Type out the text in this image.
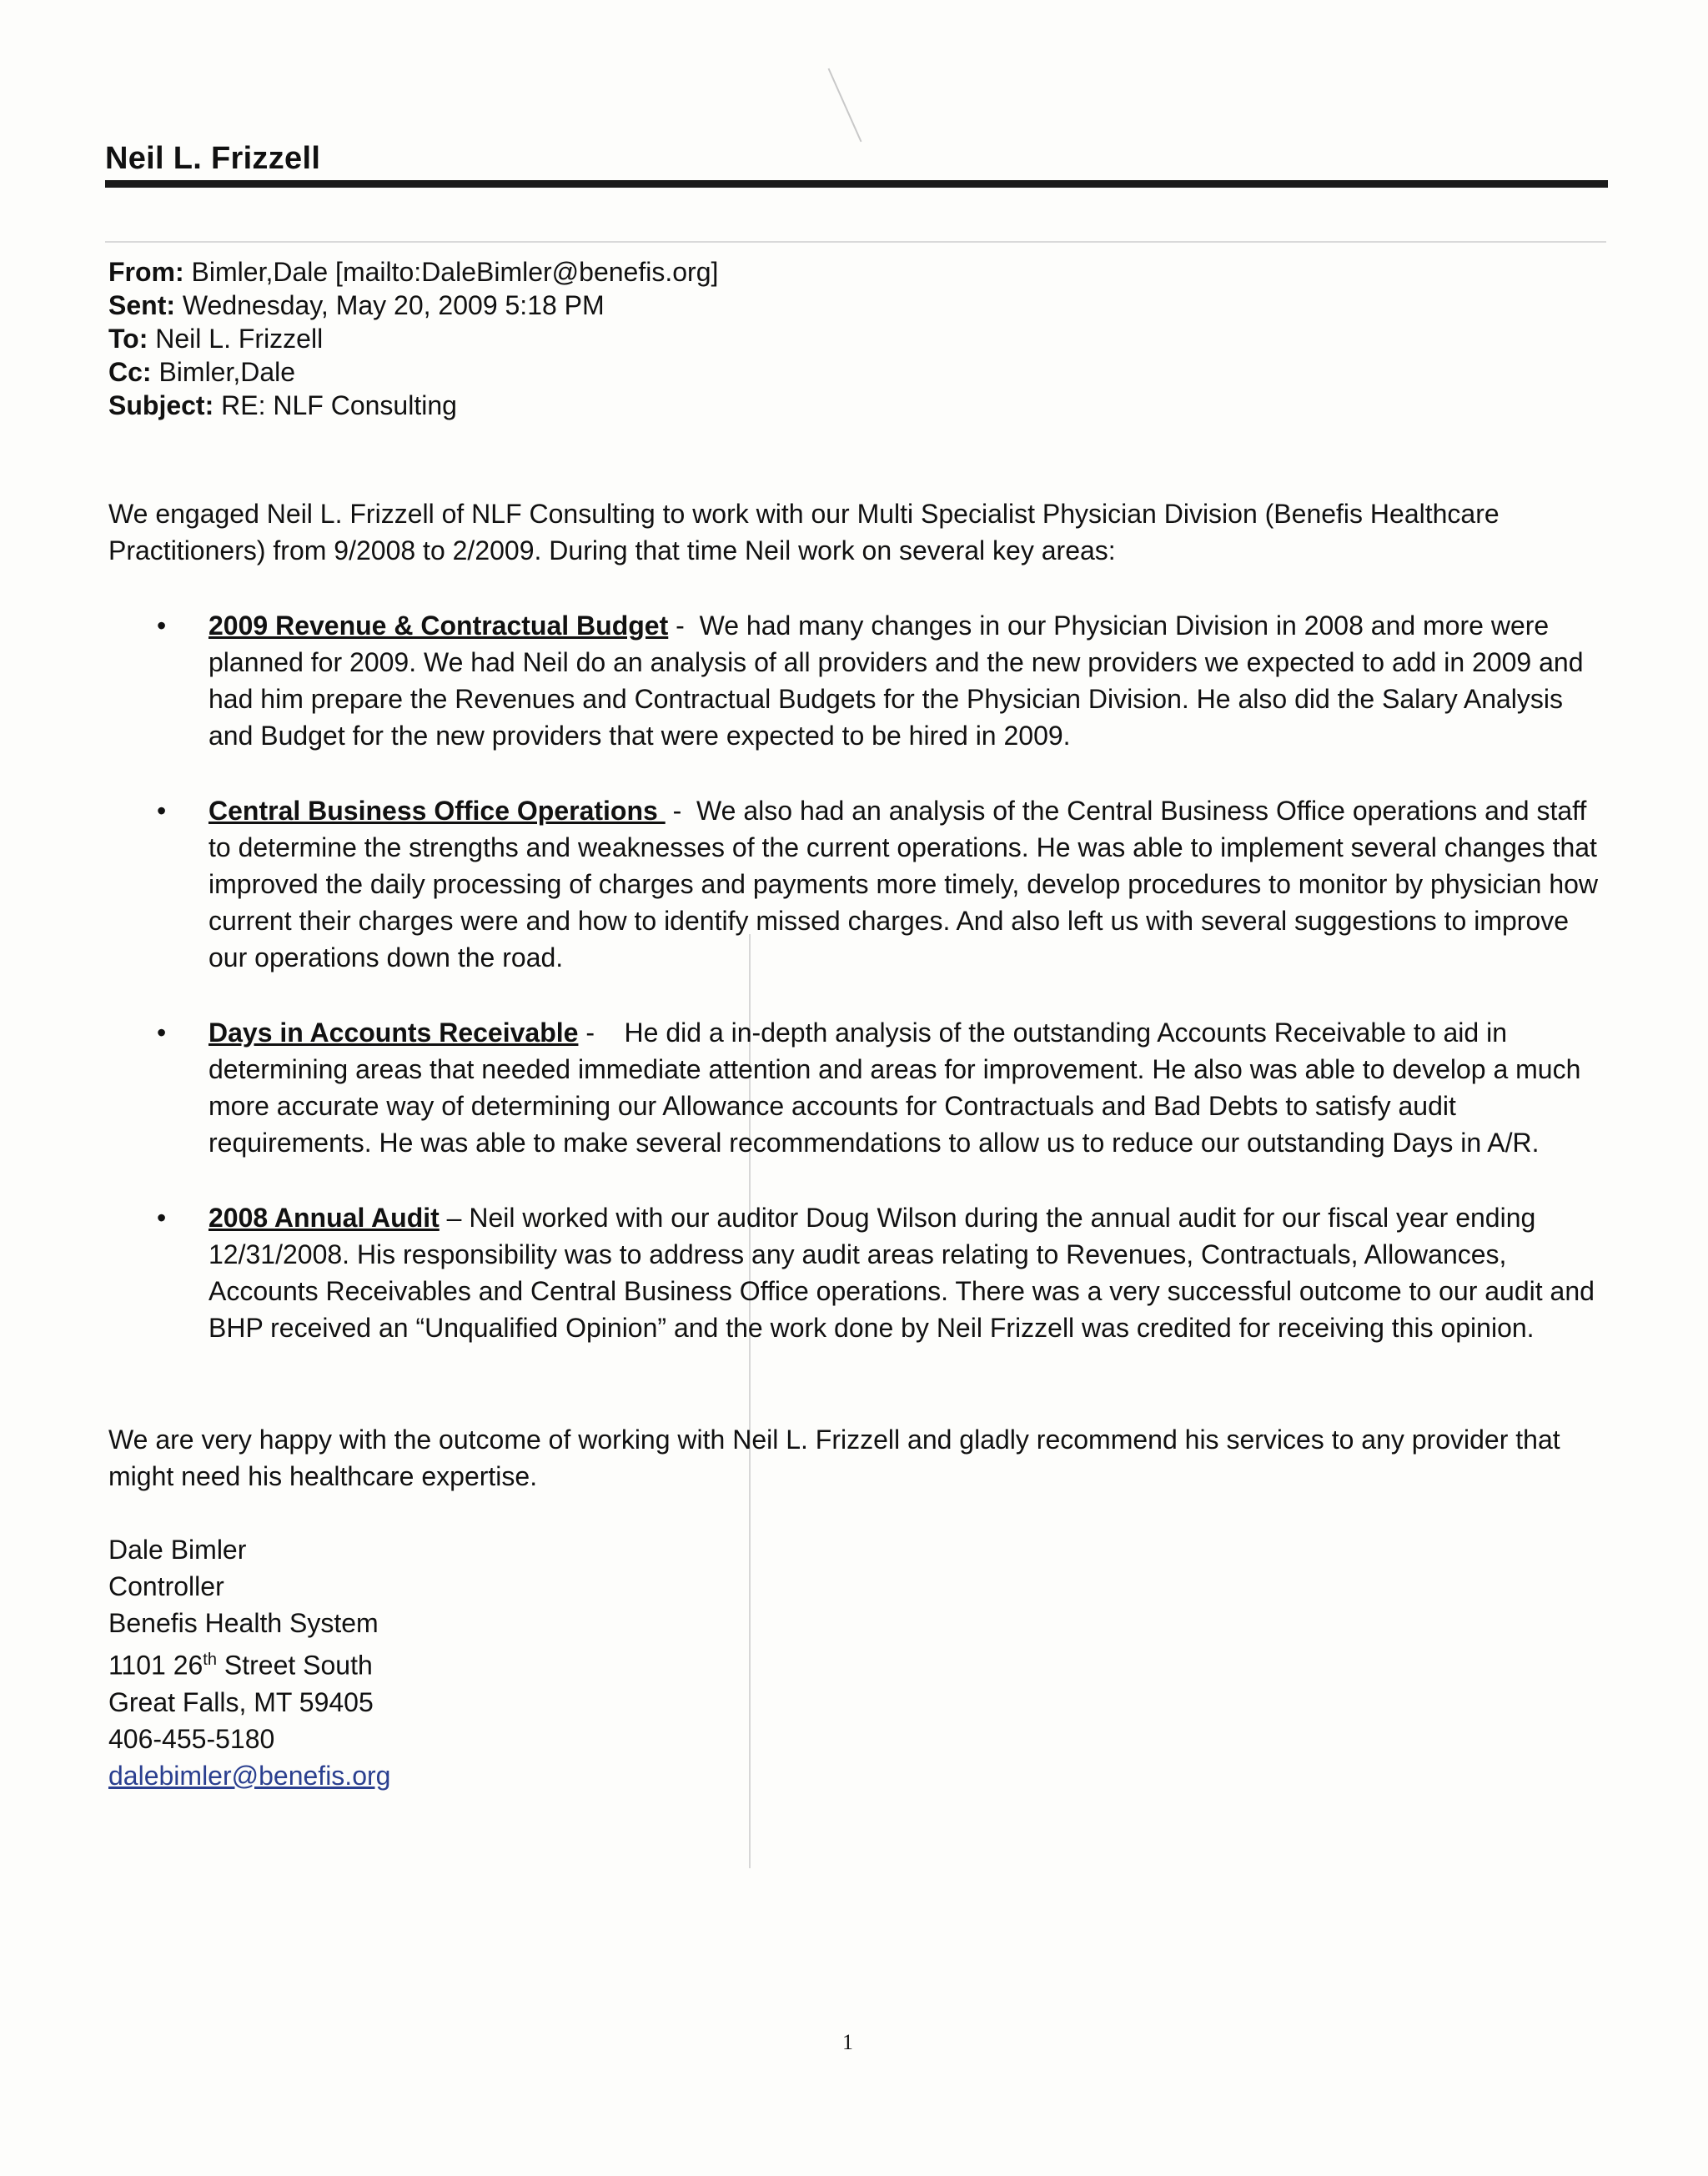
Neil L. Frizzell
From: Bimler,Dale [mailto:DaleBimler@benefis.org]
Sent: Wednesday, May 20, 2009 5:18 PM
To: Neil L. Frizzell
Cc: Bimler,Dale
Subject: RE: NLF Consulting

We engaged Neil L. Frizzell of NLF Consulting to work with our Multi Specialist Physician Division (Benefis Healthcare Practitioners) from 9/2008 to 2/2009. During that time Neil work on several key areas:

• 2009 Revenue & Contractual Budget -  We had many changes in our Physician Division in 2008 and more were planned for 2009. We had Neil do an analysis of all providers and the new providers we expected to add in 2009 and had him prepare the Revenues and Contractual Budgets for the Physician Division. He also did the Salary Analysis and Budget for the new providers that were expected to be hired in 2009.
• Central Business Office Operations  -  We also had an analysis of the Central Business Office operations and staff to determine the strengths and weaknesses of the current operations. He was able to implement several changes that improved the daily processing of charges and payments more timely, develop procedures to monitor by physician how current their charges were and how to identify missed charges. And also left us with several suggestions to improve our operations down the road.
• Days in Accounts Receivable -    He did a in-depth analysis of the outstanding Accounts Receivable to aid in determining areas that needed immediate attention and areas for improvement. He also was able to develop a much more accurate way of determining our Allowance accounts for Contractuals and Bad Debts to satisfy audit requirements. He was able to make several recommendations to allow us to reduce our outstanding Days in A/R.
• 2008 Annual Audit – Neil worked with our auditor Doug Wilson during the annual audit for our fiscal year ending 12/31/2008. His responsibility was to address any audit areas relating to Revenues, Contractuals, Allowances, Accounts Receivables and Central Business Office operations. There was a very successful outcome to our audit and BHP received an “Unqualified Opinion” and the work done by Neil Frizzell was credited for receiving this opinion.

We are very happy with the outcome of working with Neil L. Frizzell and gladly recommend his services to any provider that might need his healthcare expertise.

Dale Bimler
Controller
Benefis Health System
1101 26th Street South
Great Falls, MT 59405
406-455-5180
dalebimler@benefis.org
1
